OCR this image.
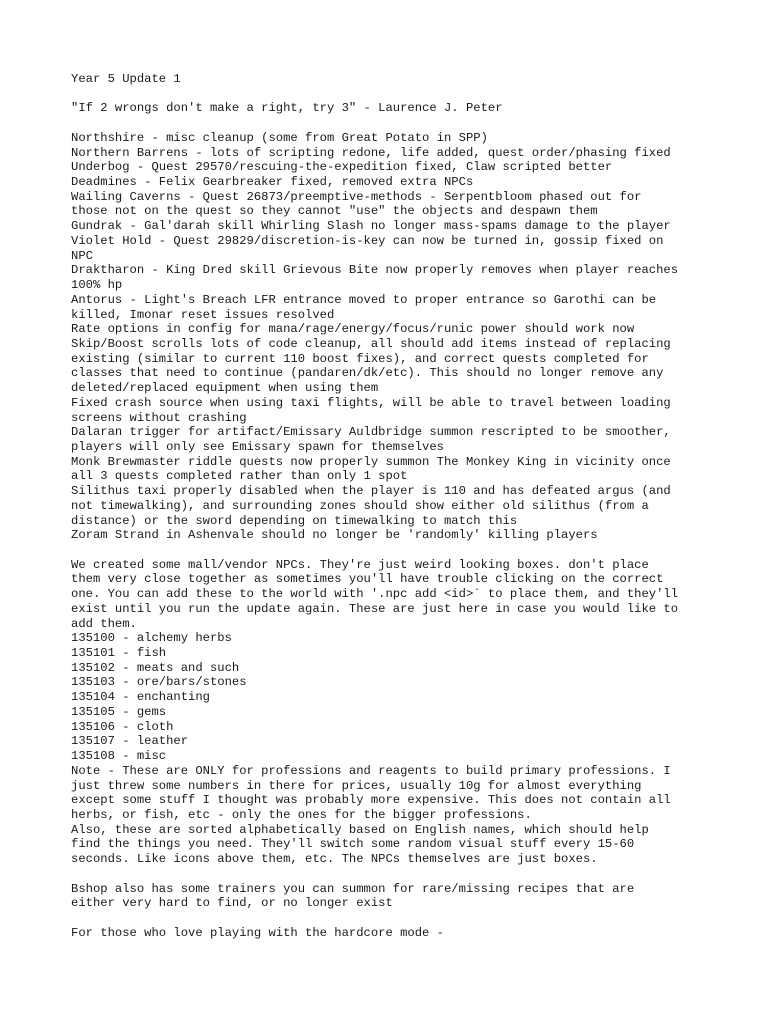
Year 5 Update 1
"If 2 wrongs don't make a right, try 3" - Laurence J. Peter
Northshire - misc cleanup (some from Great Potato in SPP)
Northern Barrens - lots of scripting redone, life added, quest order/phasing fixed
Underbog - Quest 29570/rescuing-the-expedition fixed, Claw scripted better
Deadmines - Felix Gearbreaker fixed, removed extra NPCs
Wailing Caverns - Quest 26873/preemptive-methods - Serpentbloom phased out for
those not on the quest so they cannot "use" the objects and despawn them
Gundrak - Gal'darah skill Whirling Slash no longer mass-spams damage to the player
Violet Hold - Quest 29829/discretion-is-key can now be turned in, gossip fixed on
NPC
Draktharon - King Dred skill Grievous Bite now properly removes when player reaches
100% hp
Antorus - Light's Breach LFR entrance moved to proper entrance so Garothi can be
killed, Imonar reset issues resolved
Rate options in config for mana/rage/energy/focus/runic power should work now
Skip/Boost scrolls lots of code cleanup, all should add items instead of replacing
existing (similar to current 110 boost fixes), and correct quests completed for
classes that need to continue (pandaren/dk/etc). This should no longer remove any
deleted/replaced equipment when using them
Fixed crash source when using taxi flights, will be able to travel between loading
screens without crashing
Dalaran trigger for artifact/Emissary Auldbridge summon rescripted to be smoother,
players will only see Emissary spawn for themselves
Monk Brewmaster riddle quests now properly summon The Monkey King in vicinity once
all 3 quests completed rather than only 1 spot
Silithus taxi properly disabled when the player is 110 and has defeated argus (and
not timewalking), and surrounding zones should show either old silithus (from a
distance) or the sword depending on timewalking to match this
Zoram Strand in Ashenvale should no longer be 'randomly' killing players
We created some mall/vendor NPCs. They're just weird looking boxes. don't place
them very close together as sometimes you'll have trouble clicking on the correct
one. You can add these to the world with '.npc add <id>` to place them, and they'll
exist until you run the update again. These are just here in case you would like to
add them.
135100 - alchemy herbs
135101 - fish
135102 - meats and such
135103 - ore/bars/stones
135104 - enchanting
135105 - gems
135106 - cloth
135107 - leather
135108 - misc
Note - These are ONLY for professions and reagents to build primary professions. I
just threw some numbers in there for prices, usually 10g for almost everything
except some stuff I thought was probably more expensive. This does not contain all
herbs, or fish, etc - only the ones for the bigger professions.
Also, these are sorted alphabetically based on English names, which should help
find the things you need. They'll switch some random visual stuff every 15-60
seconds. Like icons above them, etc. The NPCs themselves are just boxes.
Bshop also has some trainers you can summon for rare/missing recipes that are
either very hard to find, or no longer exist
For those who love playing with the hardcore mode -
